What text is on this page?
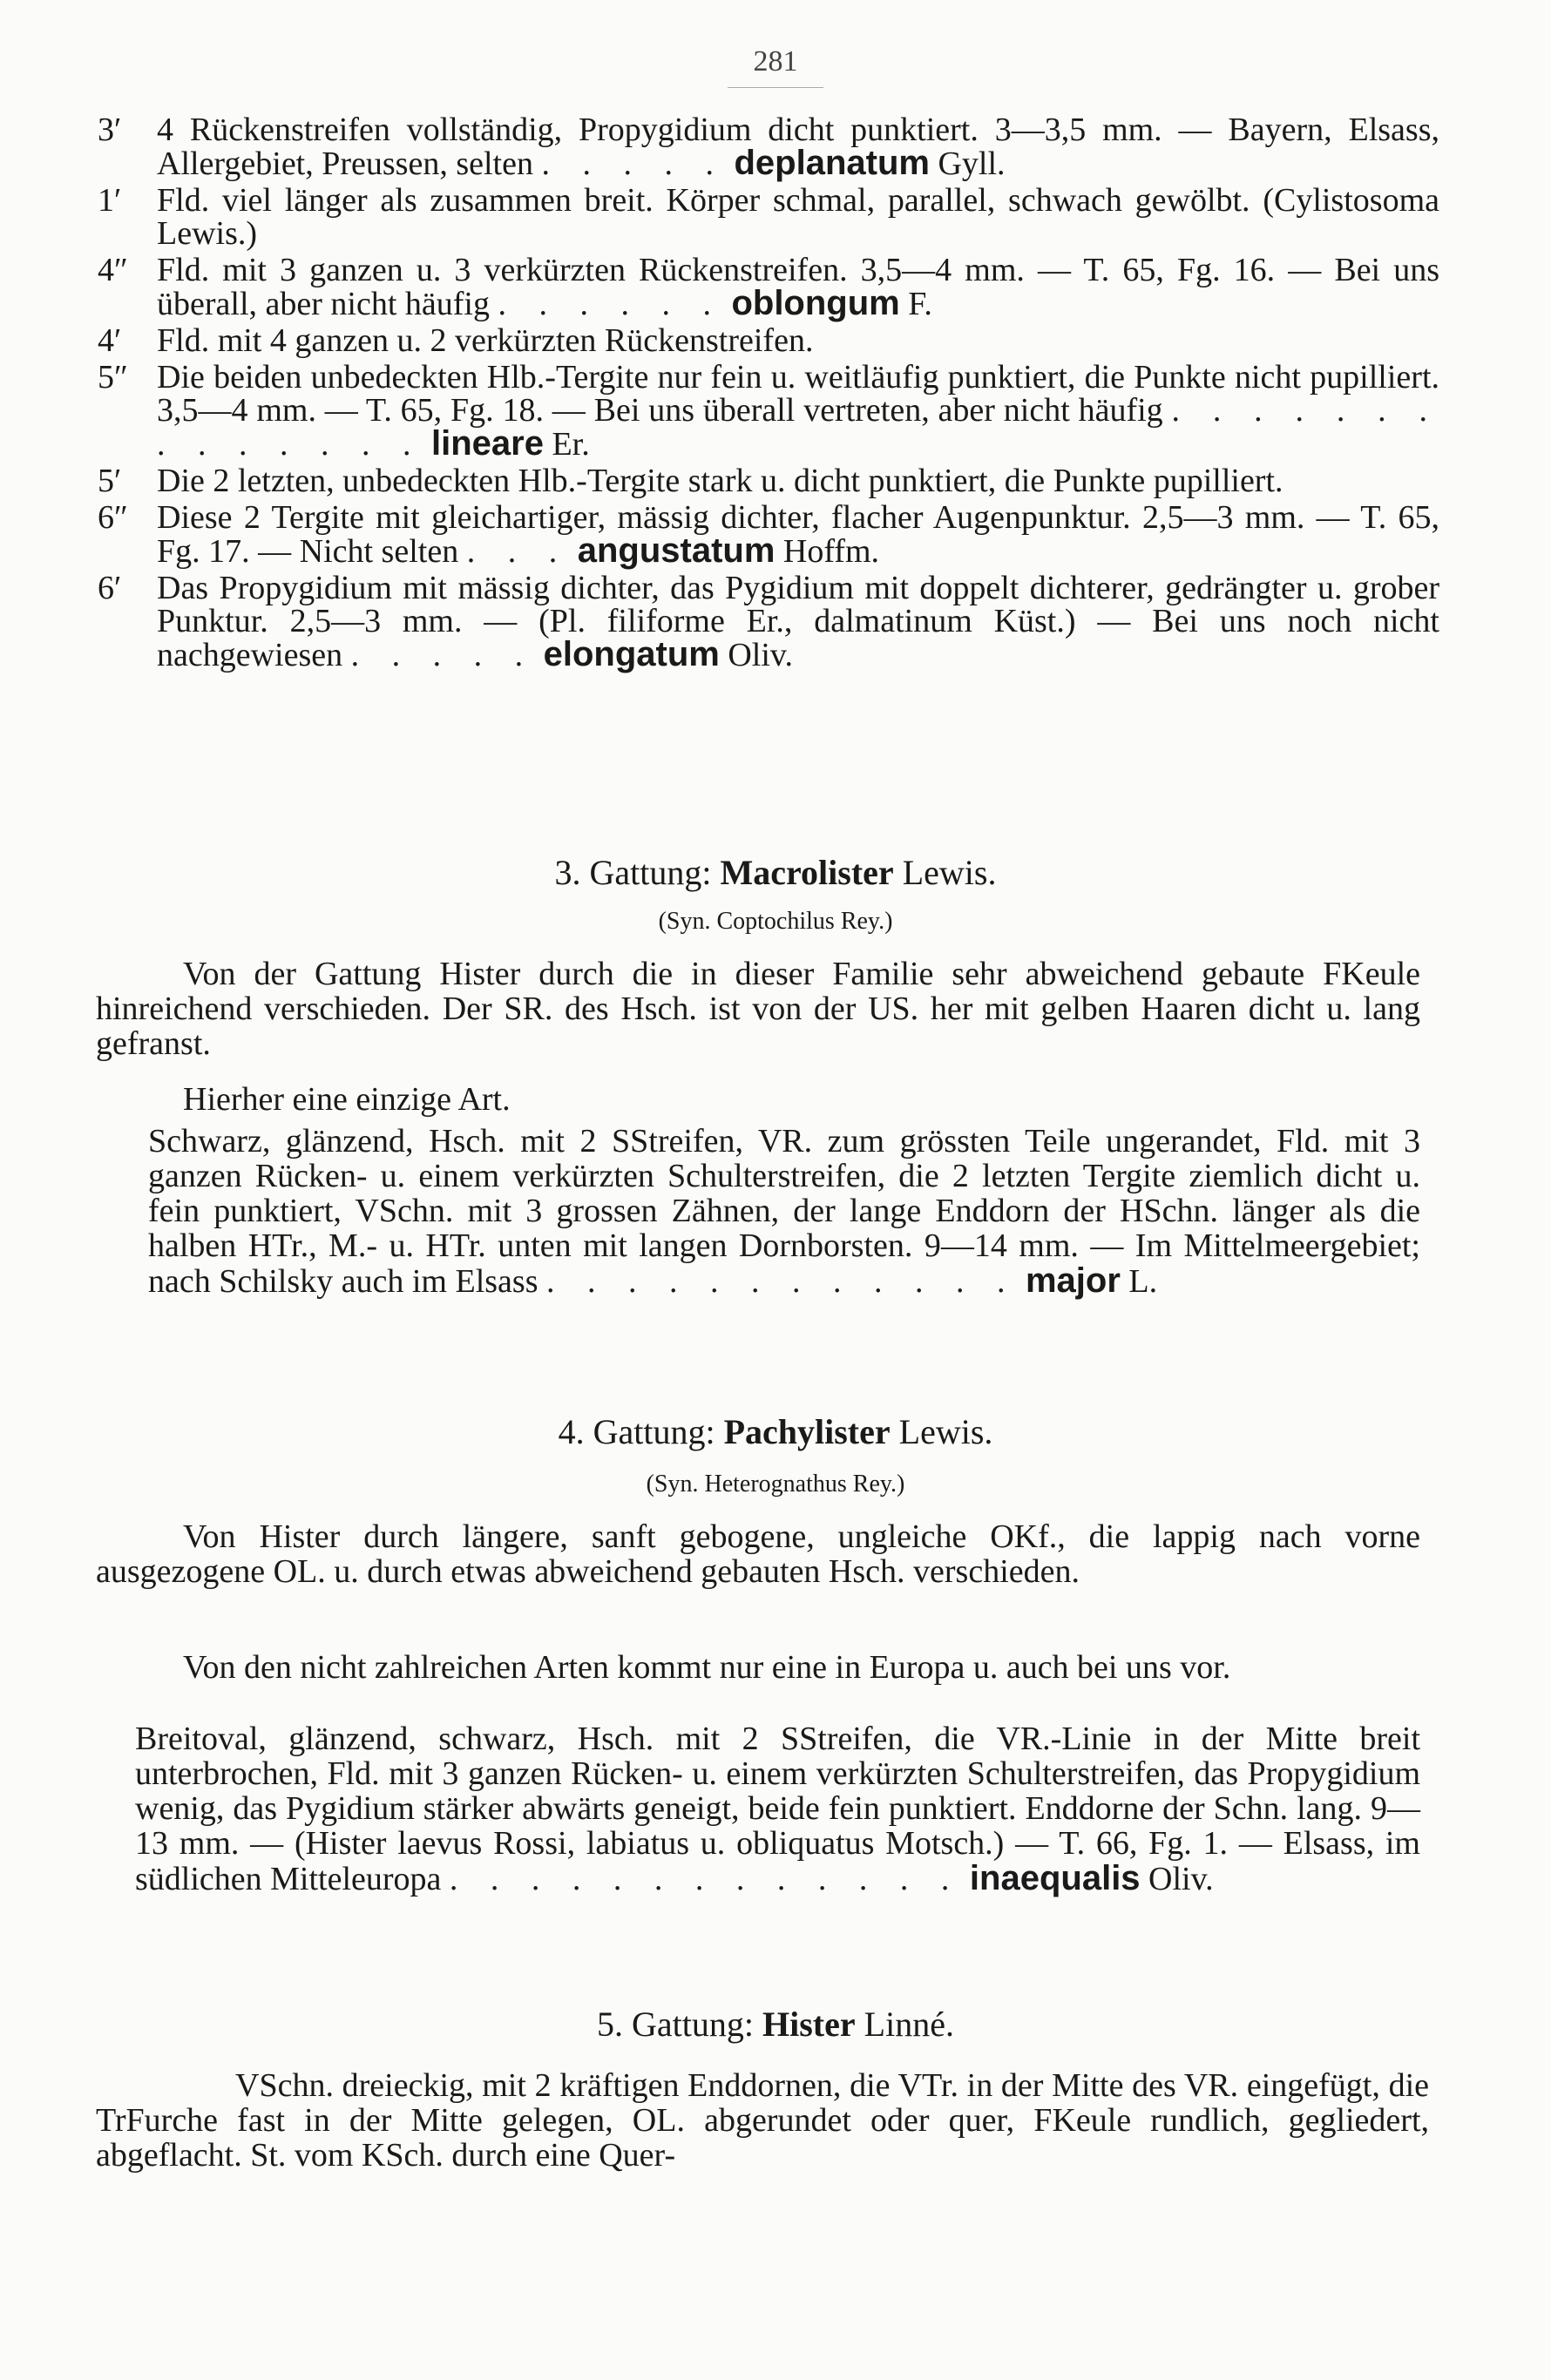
281
3′ 4 Rückenstreifen vollständig, Propygidium dicht punktiert. 3—3,5 mm. — Bayern, Elsass, Allergebiet, Preussen, selten . . . . . deplanatum Gyll.
1′ Fld. viel länger als zusammen breit. Körper schmal, parallel, schwach gewölbt. (Cylistosoma Lewis.)
4″ Fld. mit 3 ganzen u. 3 verkürzten Rückenstreifen. 3,5—4 mm. — T. 65, Fg. 16. — Bei uns überall, aber nicht häufig . . . . . . oblongum F.
4′ Fld. mit 4 ganzen u. 2 verkürzten Rückenstreifen.
5″ Die beiden unbedeckten Hlb.-Tergite nur fein u. weitläufig punktiert, die Punkte nicht pupilliert. 3,5—4 mm. — T. 65, Fg. 18. — Bei uns überall vertreten, aber nicht häufig . . . . . . . . . . . . . . lineare Er.
5′ Die 2 letzten, unbedeckten Hlb.-Tergite stark u. dicht punktiert, die Punkte pupilliert.
6″ Diese 2 Tergite mit gleichartiger, mässig dichter, flacher Augenpunktur. 2,5—3 mm. — T. 65, Fg. 17. — Nicht selten . . . angustatum Hoffm.
6′ Das Propygidium mit mässig dichter, das Pygidium mit doppelt dichterer, gedrängter u. grober Punktur. 2,5—3 mm. — (Pl. filiforme Er., dalmatinum Küst.) — Bei uns noch nicht nachgewiesen . . . . . elongatum Oliv.
3. Gattung: Macrolister Lewis.
(Syn. Coptochilus Rey.)
Von der Gattung Hister durch die in dieser Familie sehr abweichend gebaute FKeule hinreichend verschieden. Der SR. des Hsch. ist von der US. her mit gelben Haaren dicht u. lang gefranst.
Hierher eine einzige Art.
Schwarz, glänzend, Hsch. mit 2 SStreifen, VR. zum grössten Teile ungerandet, Fld. mit 3 ganzen Rücken- u. einem verkürzten Schulterstreifen, die 2 letzten Tergite ziemlich dicht u. fein punktiert, VSchn. mit 3 grossen Zähnen, der lange Enddorn der HSchn. länger als die halben HTr., M.- u. HTr. unten mit langen Dornborsten. 9—14 mm. — Im Mittelmeergebiet; nach Schilsky auch im Elsass . . . . . . . . . . . . major L.
4. Gattung: Pachylister Lewis.
(Syn. Heterognathus Rey.)
Von Hister durch längere, sanft gebogene, ungleiche OKf., die lappig nach vorne ausgezogene OL. u. durch etwas abweichend gebauten Hsch. verschieden.
Von den nicht zahlreichen Arten kommt nur eine in Europa u. auch bei uns vor.
Breitoval, glänzend, schwarz, Hsch. mit 2 SStreifen, die VR.-Linie in der Mitte breit unterbrochen, Fld. mit 3 ganzen Rücken- u. einem verkürzten Schulterstreifen, das Propygidium wenig, das Pygidium stärker abwärts geneigt, beide fein punktiert. Enddorne der Schn. lang. 9—13 mm. — (Hister laevus Rossi, labiatus u. obliquatus Motsch.) — T. 66, Fg. 1. — Elsass, im südlichen Mitteleuropa . . . . . . . . . . . . . inaequalis Oliv.
5. Gattung: Hister Linné.
VSchn. dreieckig, mit 2 kräftigen Enddornen, die VTr. in der Mitte des VR. eingefügt, die TrFurche fast in der Mitte gelegen, OL. abgerundet oder quer, FKeule rundlich, gegliedert, abgeflacht. St. vom KSch. durch eine Quer-
